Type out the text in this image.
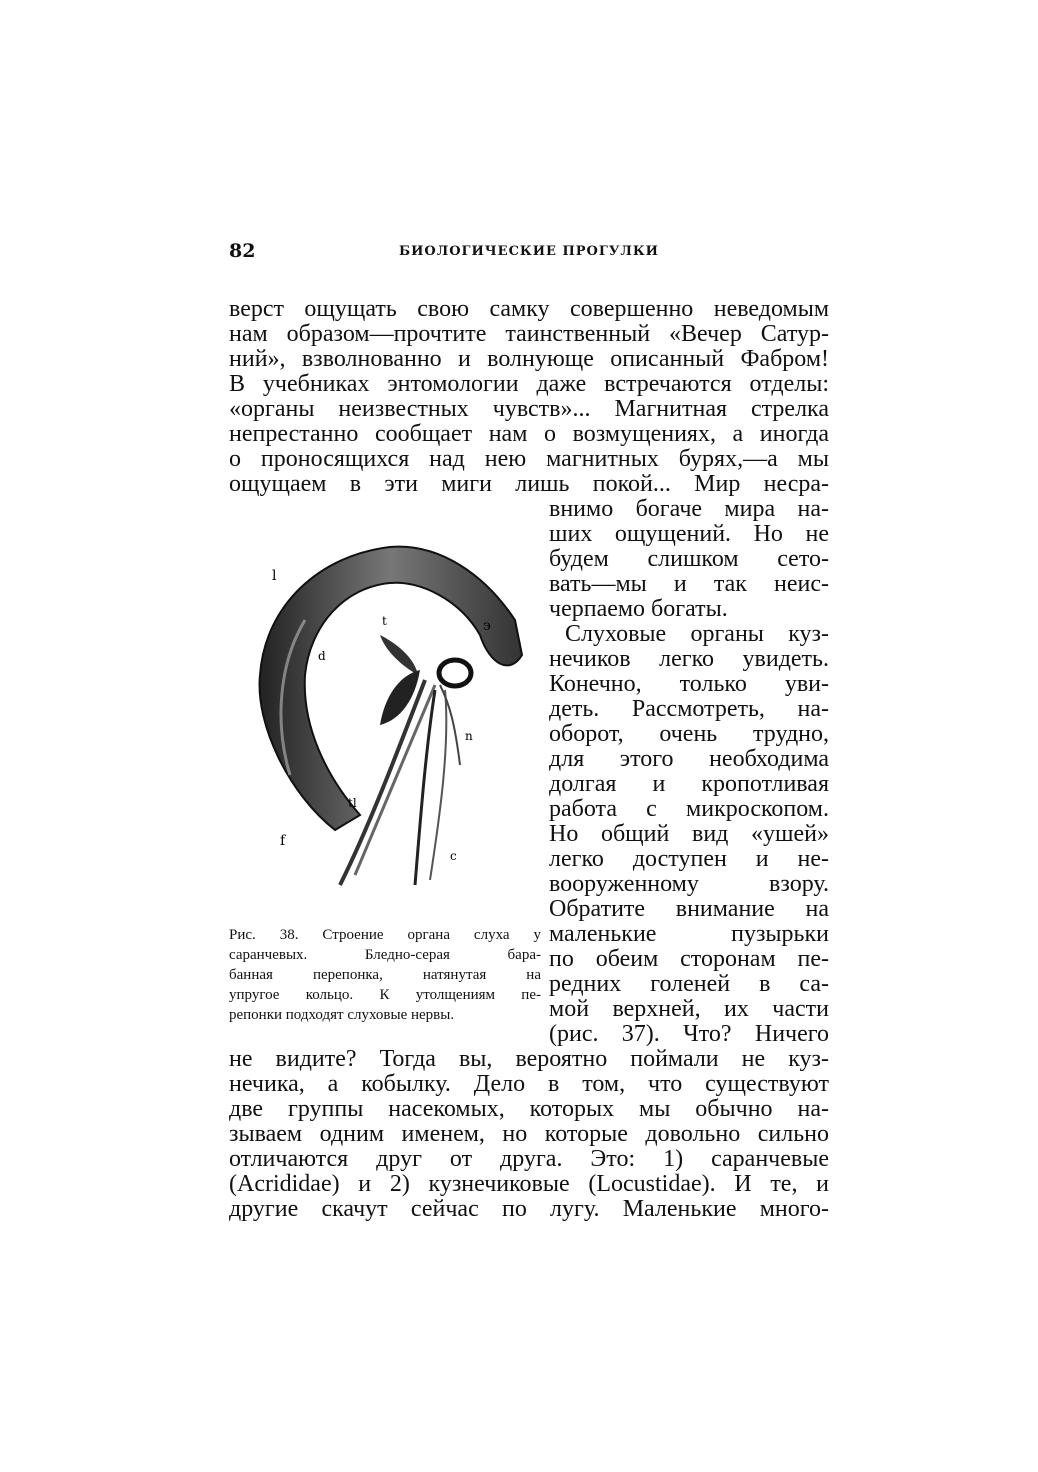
82	БИОЛОГИЧЕСКИЕ ПРОГУЛКИ
верст ощущать свою самку совершенно неведомым
нам образом—прочтите таинственный «Вечер Сатур-
ний», взволнованно и волнующе описанный Фабром!
В учебниках энтомологии даже встречаются отделы:
«органы неизвестных чувств»... Магнитная стрелка
непрестанно сообщает нам о возмущениях, а иногда
о проносящихся над нею магнитных бурях,—а мы
ощущаем в эти миги лишь покой... Мир несра-
внимо богаче мира на-
ших ощущений. Но не
будем слишком сето-
вать—мы и так неис-
черпаемо богаты.
Слуховые органы куз-
нечиков легко увидеть.
Конечно, только уви-
деть. Рассмотреть, на-
оборот, очень трудно,
для этого необходима
долгая и кропотливая
работа с микроскопом.
Но общий вид «ушей»
легко доступен и не-
вооруженному взору.
Обратите внимание на
маленькие пузырьки
по обеим сторонам пе-
редних голеней в са-
мой верхней, их части
(рис. 37). Что? Ничего
не видите? Тогда вы, вероятно поймали не куз-
нечика, а кобылку. Дело в том, что существуют
две группы насекомых, которых мы обычно на-
зываем одним именем, но которые довольно сильно
отличаются друг от друга. Это: 1) саранчевые
(Acrididae) и 2) кузнечиковые (Locustidae). И те, и
другие скачут сейчас по лугу. Маленькие много-
l
э
t
d
n
f
c
tl
Рис. 38. Строение органа слуха у
саранчевых. Бледно-серая бара-
банная перепонка, натянутая на
упругое кольцо. К утолщениям пе-
репонки подходят слуховые нервы.
